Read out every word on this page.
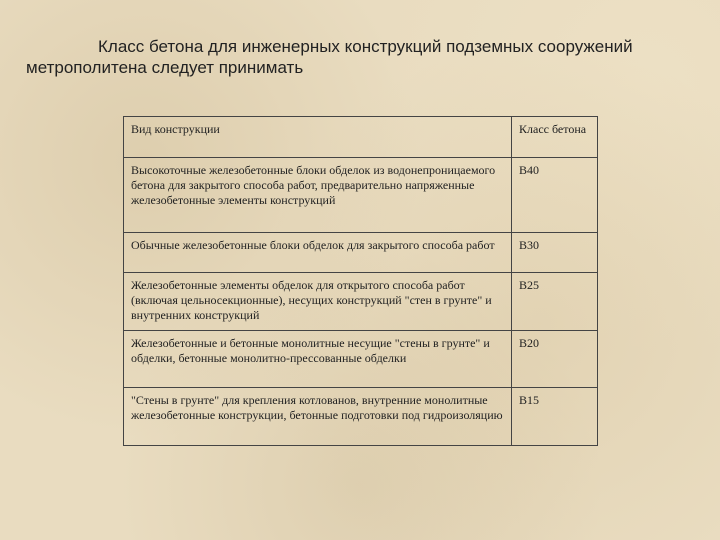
Класс бетона для инженерных конструкций подземных сооружений метрополитена следует принимать
Вид конструкции	Класс бетона
Высокоточные железобетонные блоки обделок из водонепроницаемого бетона для закрытого способа работ, предварительно напряженные железобетонные элементы конструкций	В40
Обычные железобетонные блоки обделок для закрытого способа работ	В30
Железобетонные элементы обделок для открытого способа работ (включая цельносекционные), несущих конструкций "стен в грунте" и внутренних конструкций	В25
Железобетонные и бетонные монолитные несущие "стены в грунте" и обделки, бетонные монолитно-прессованные обделки	В20
"Стены в грунте" для крепления котлованов, внутренние монолитные железобетонные конструкции, бетонные подготовки под гидроизоляцию	В15
